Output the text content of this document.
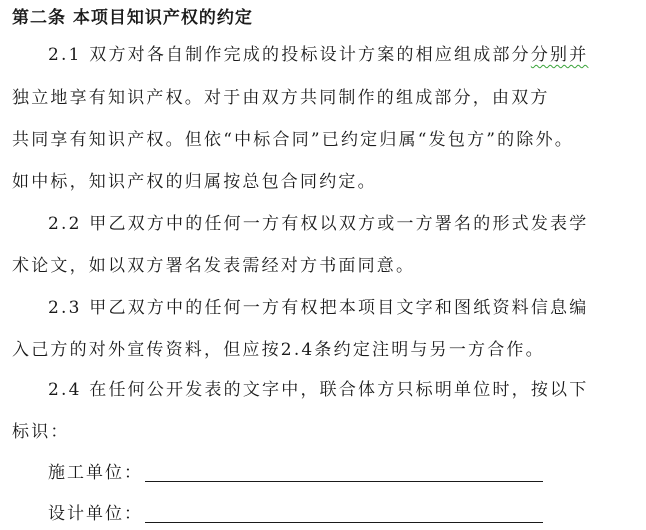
第二条 本项目知识产权的约定
2.1 双方对各自制作完成的投标设计方案的相应组成部分分别并
独立地享有知识产权。对于由双方共同制作的组成部分，由双方
共同享有知识产权。但依“中标合同”已约定归属“发包方”的除外。
如中标，知识产权的归属按总包合同约定。
2.2 甲乙双方中的任何一方有权以双方或一方署名的形式发表学
术论文，如以双方署名发表需经对方书面同意。
2.3 甲乙双方中的任何一方有权把本项目文字和图纸资料信息编
入己方的对外宣传资料，但应按2.4条约定注明与另一方合作。
2.4 在任何公开发表的文字中，联合体方只标明单位时，按以下
标识：
施工单位：
设计单位：
